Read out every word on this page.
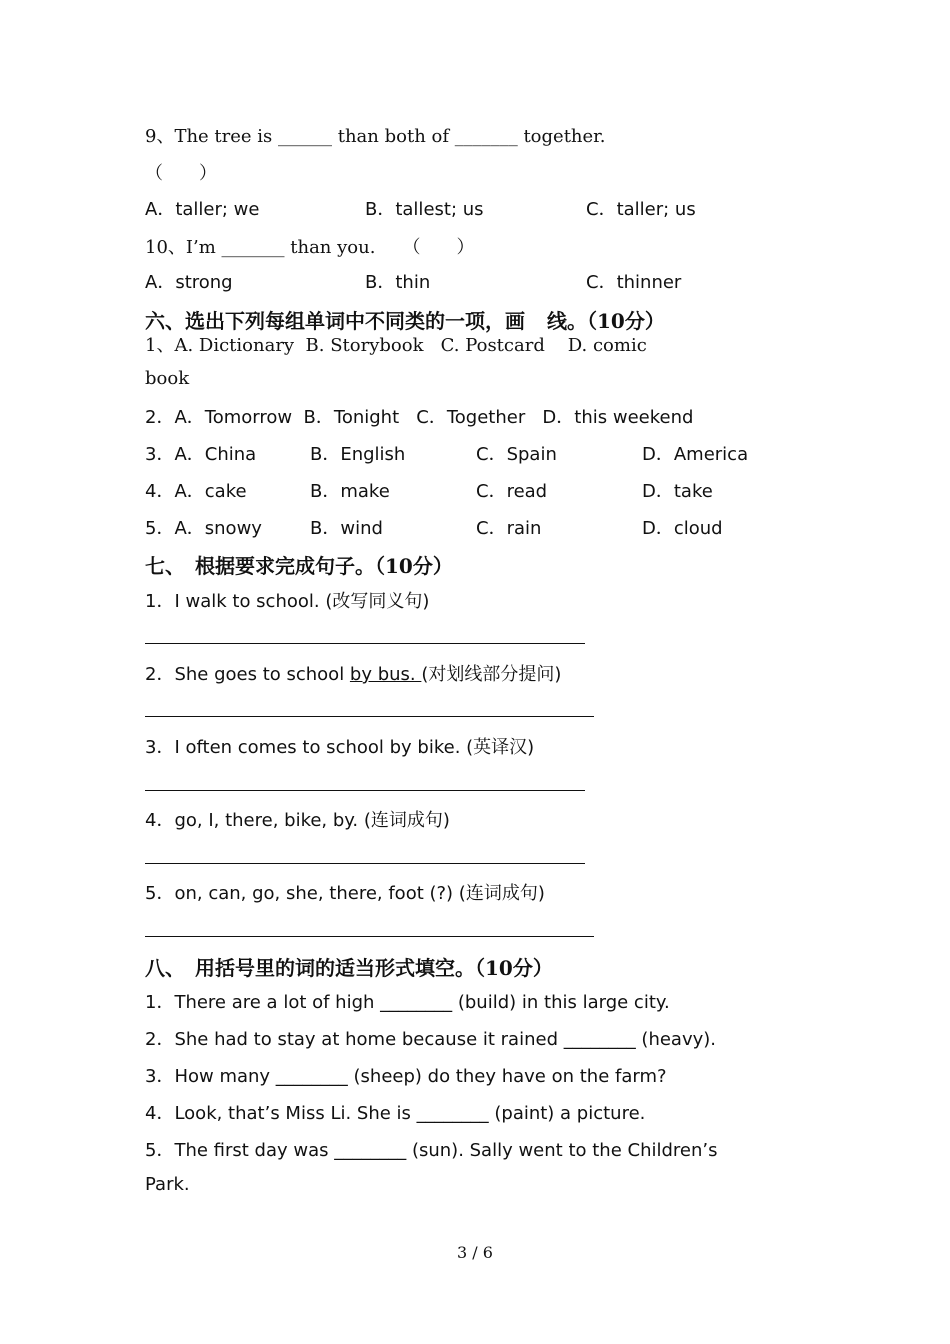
9、The tree is ______ than both of _______ together.
（　　）
A．taller; we	B．tallest; us	C．taller; us
10、I’m _______ than you.　　（　　）
A．strong	B．thin	C．thinner
六、选出下列每组单词中不同类的一项，画 线。（10分）
1、A. Dictionary  B. Storybook   C. Postcard    D. comic
book
2．A．Tomorrow  B．Tonight   C．Together   D．this weekend
3．A．China	B．English	C．Spain	D．America
4．A．cake	B．make	C．read	D．take
5．A．snowy	B．wind	C．rain	D．cloud
七、　根据要求完成句子。（10分）
1．I walk to school. (改写同义句)
2．She goes to school by bus. (对划线部分提问)
3．I often comes to school by bike. (英译汉)
4．go, I, there, bike, by. (连词成句)
5．on, can, go, she, there, foot (?) (连词成句)
八、　用括号里的词的适当形式填空。（10分）
1．There are a lot of high ________ (build) in this large city.
2．She had to stay at home because it rained ________ (heavy).
3．How many ________ (sheep) do they have on the farm?
4．Look, that’s Miss Li. She is ________ (paint) a picture.
5．The first day was ________ (sun). Sally went to the Children’s
Park.
3 / 6
